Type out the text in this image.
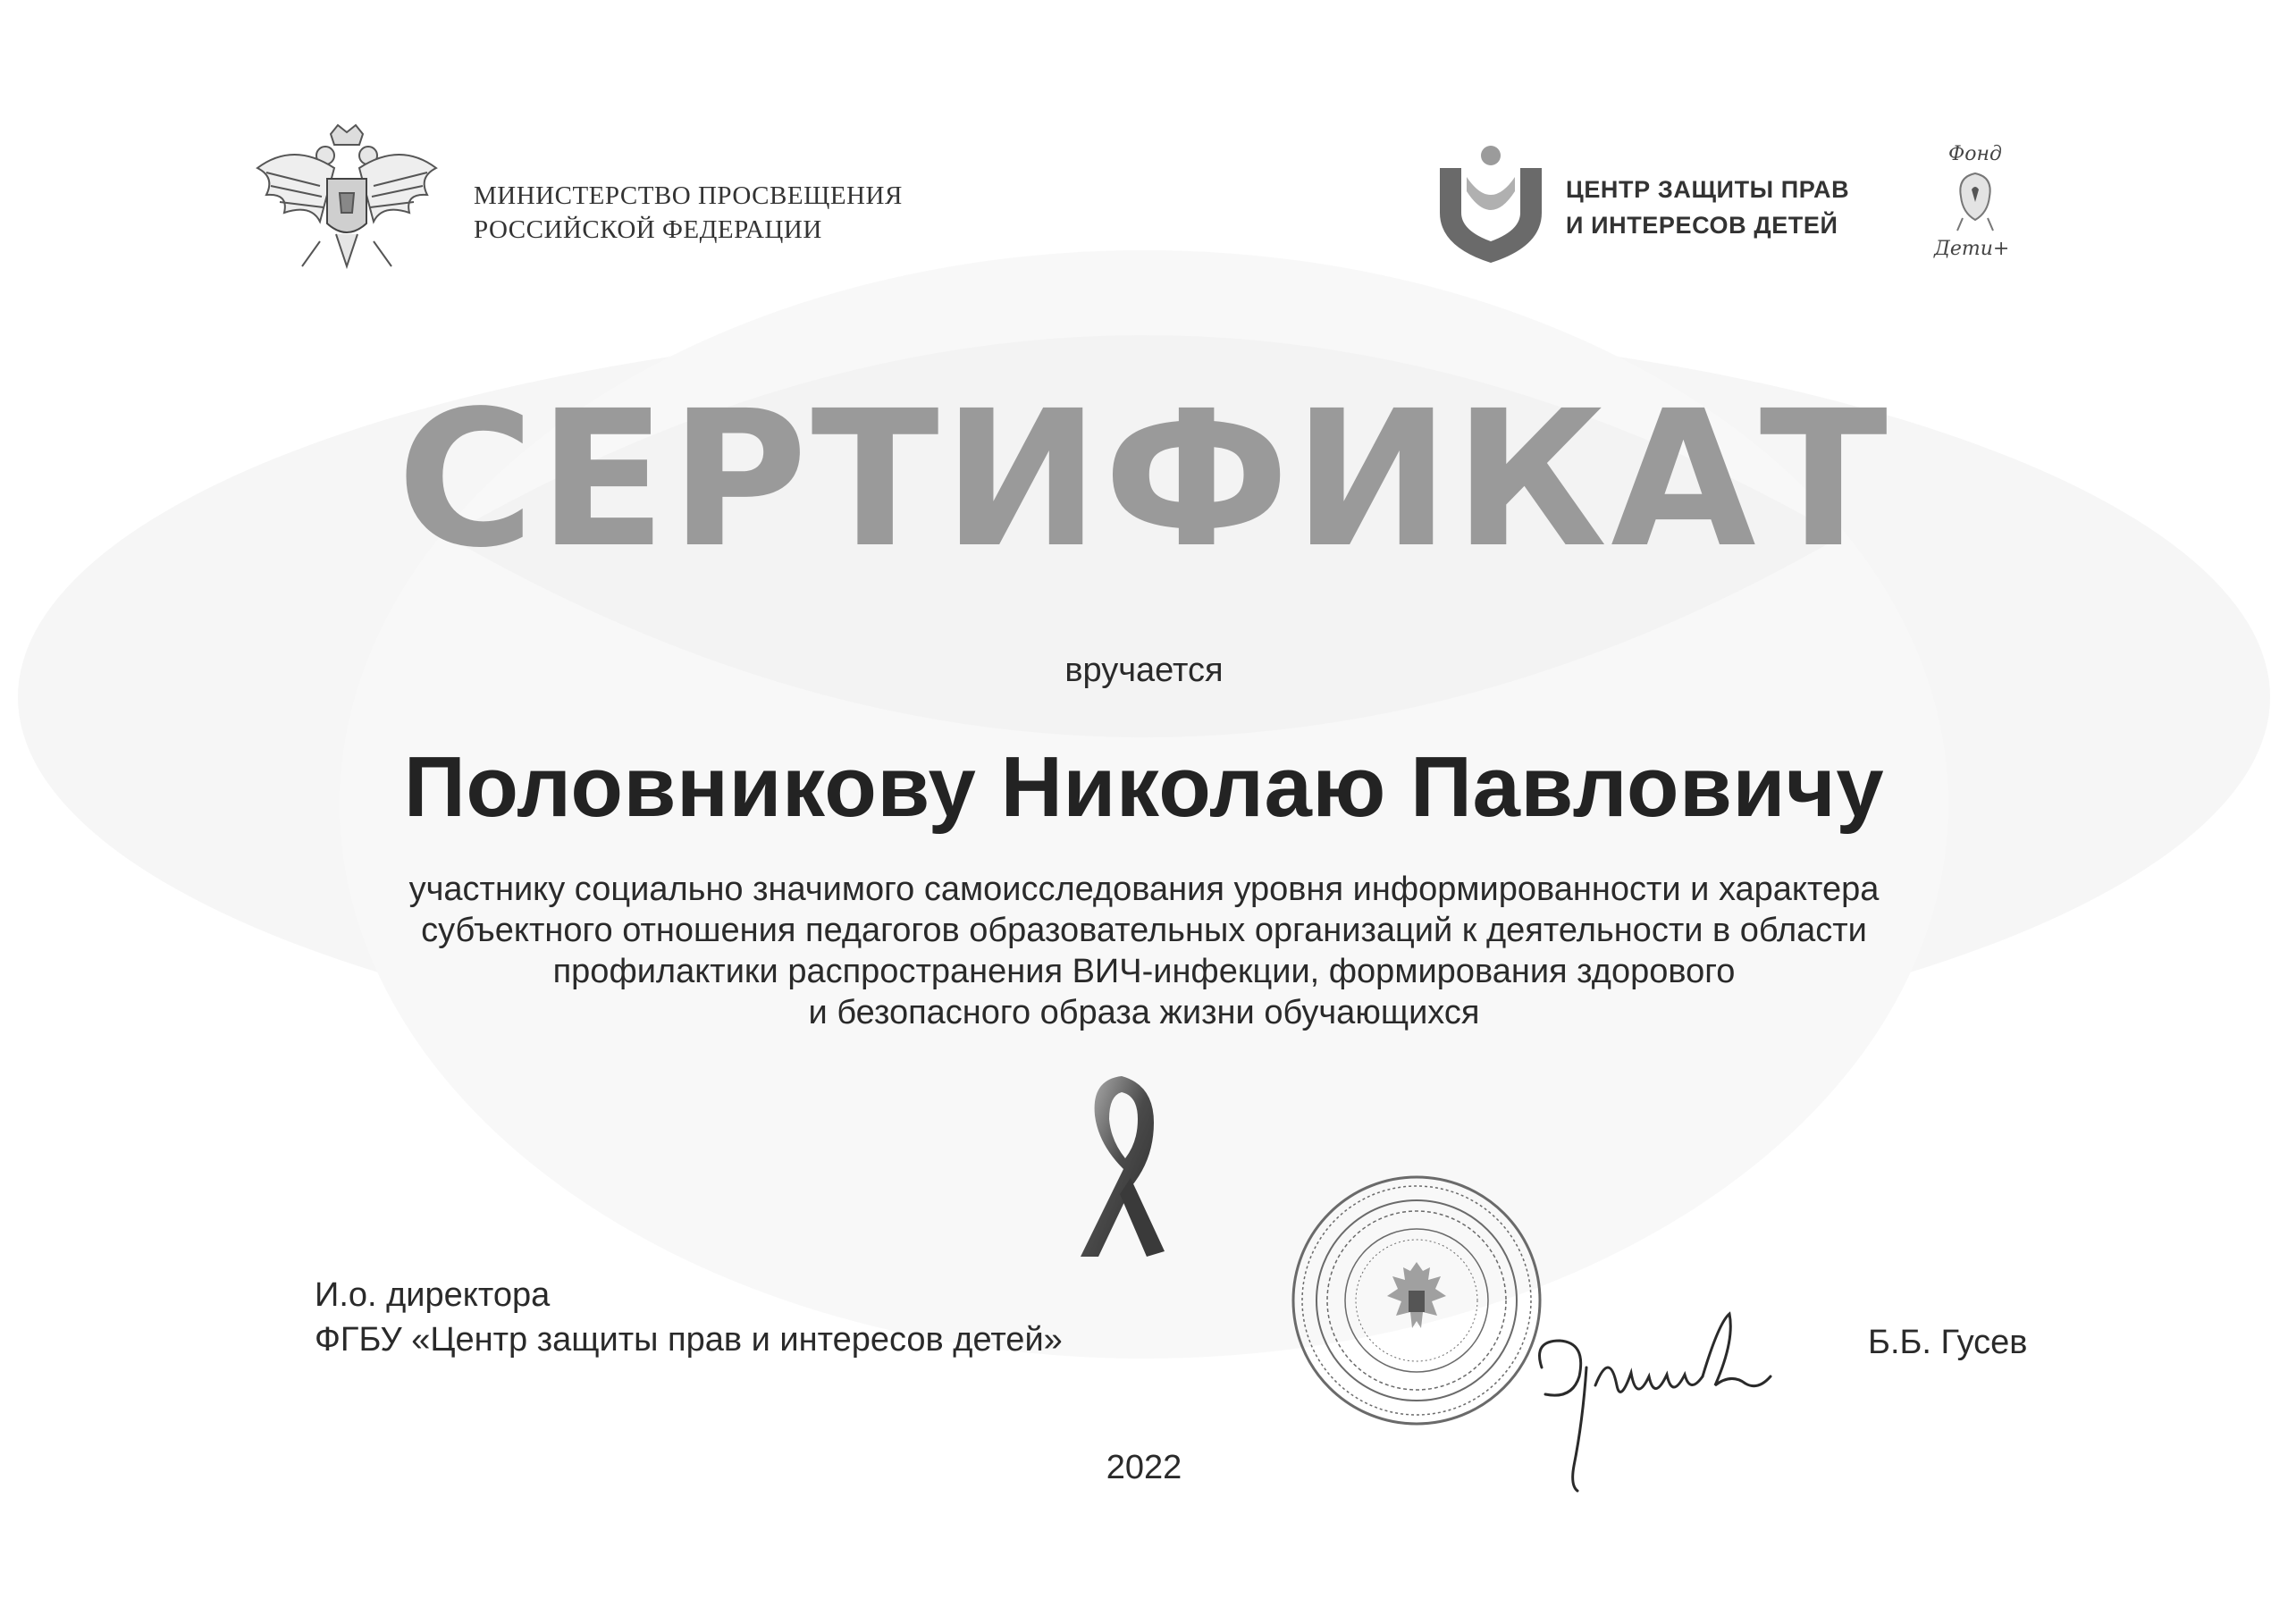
МИНИСТЕРСТВО ПРОСВЕЩЕНИЯ
РОССИЙСКОЙ ФЕДЕРАЦИИ
ЦЕНТР ЗАЩИТЫ ПРАВ
И ИНТЕРЕСОВ ДЕТЕЙ
Фонд
Дети+
СЕРТИФИКАТ
вручается
Половникову Николаю Павловичу
участнику социально значимого самоисследования уровня информированности и характера
субъектного отношения педагогов образовательных организаций к деятельности в области
профилактики распространения ВИЧ-инфекции, формирования здорового
и безопасного образа жизни обучающихся
И.о. директора
ФГБУ «Центр защиты прав и интересов детей»	Б.Б. Гусев
2022
